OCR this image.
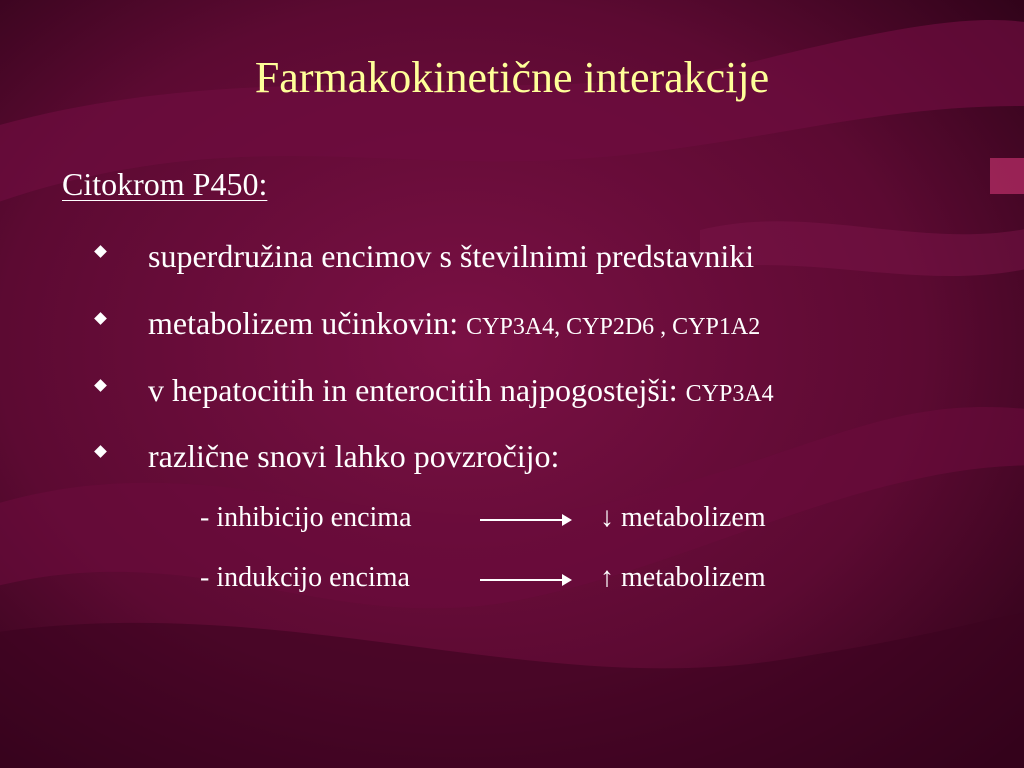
Farmakokinetične interakcije
Citokrom P450:
superdružina encimov s številnimi predstavniki
metabolizem učinkovin: CYP3A4, CYP2D6 , CYP1A2
v hepatocitih in enterocitih najpogostejši: CYP3A4
različne snovi lahko povzročijo:
- inhibicijo encima	↓ metabolizem
- indukcijo encima	↑ metabolizem
